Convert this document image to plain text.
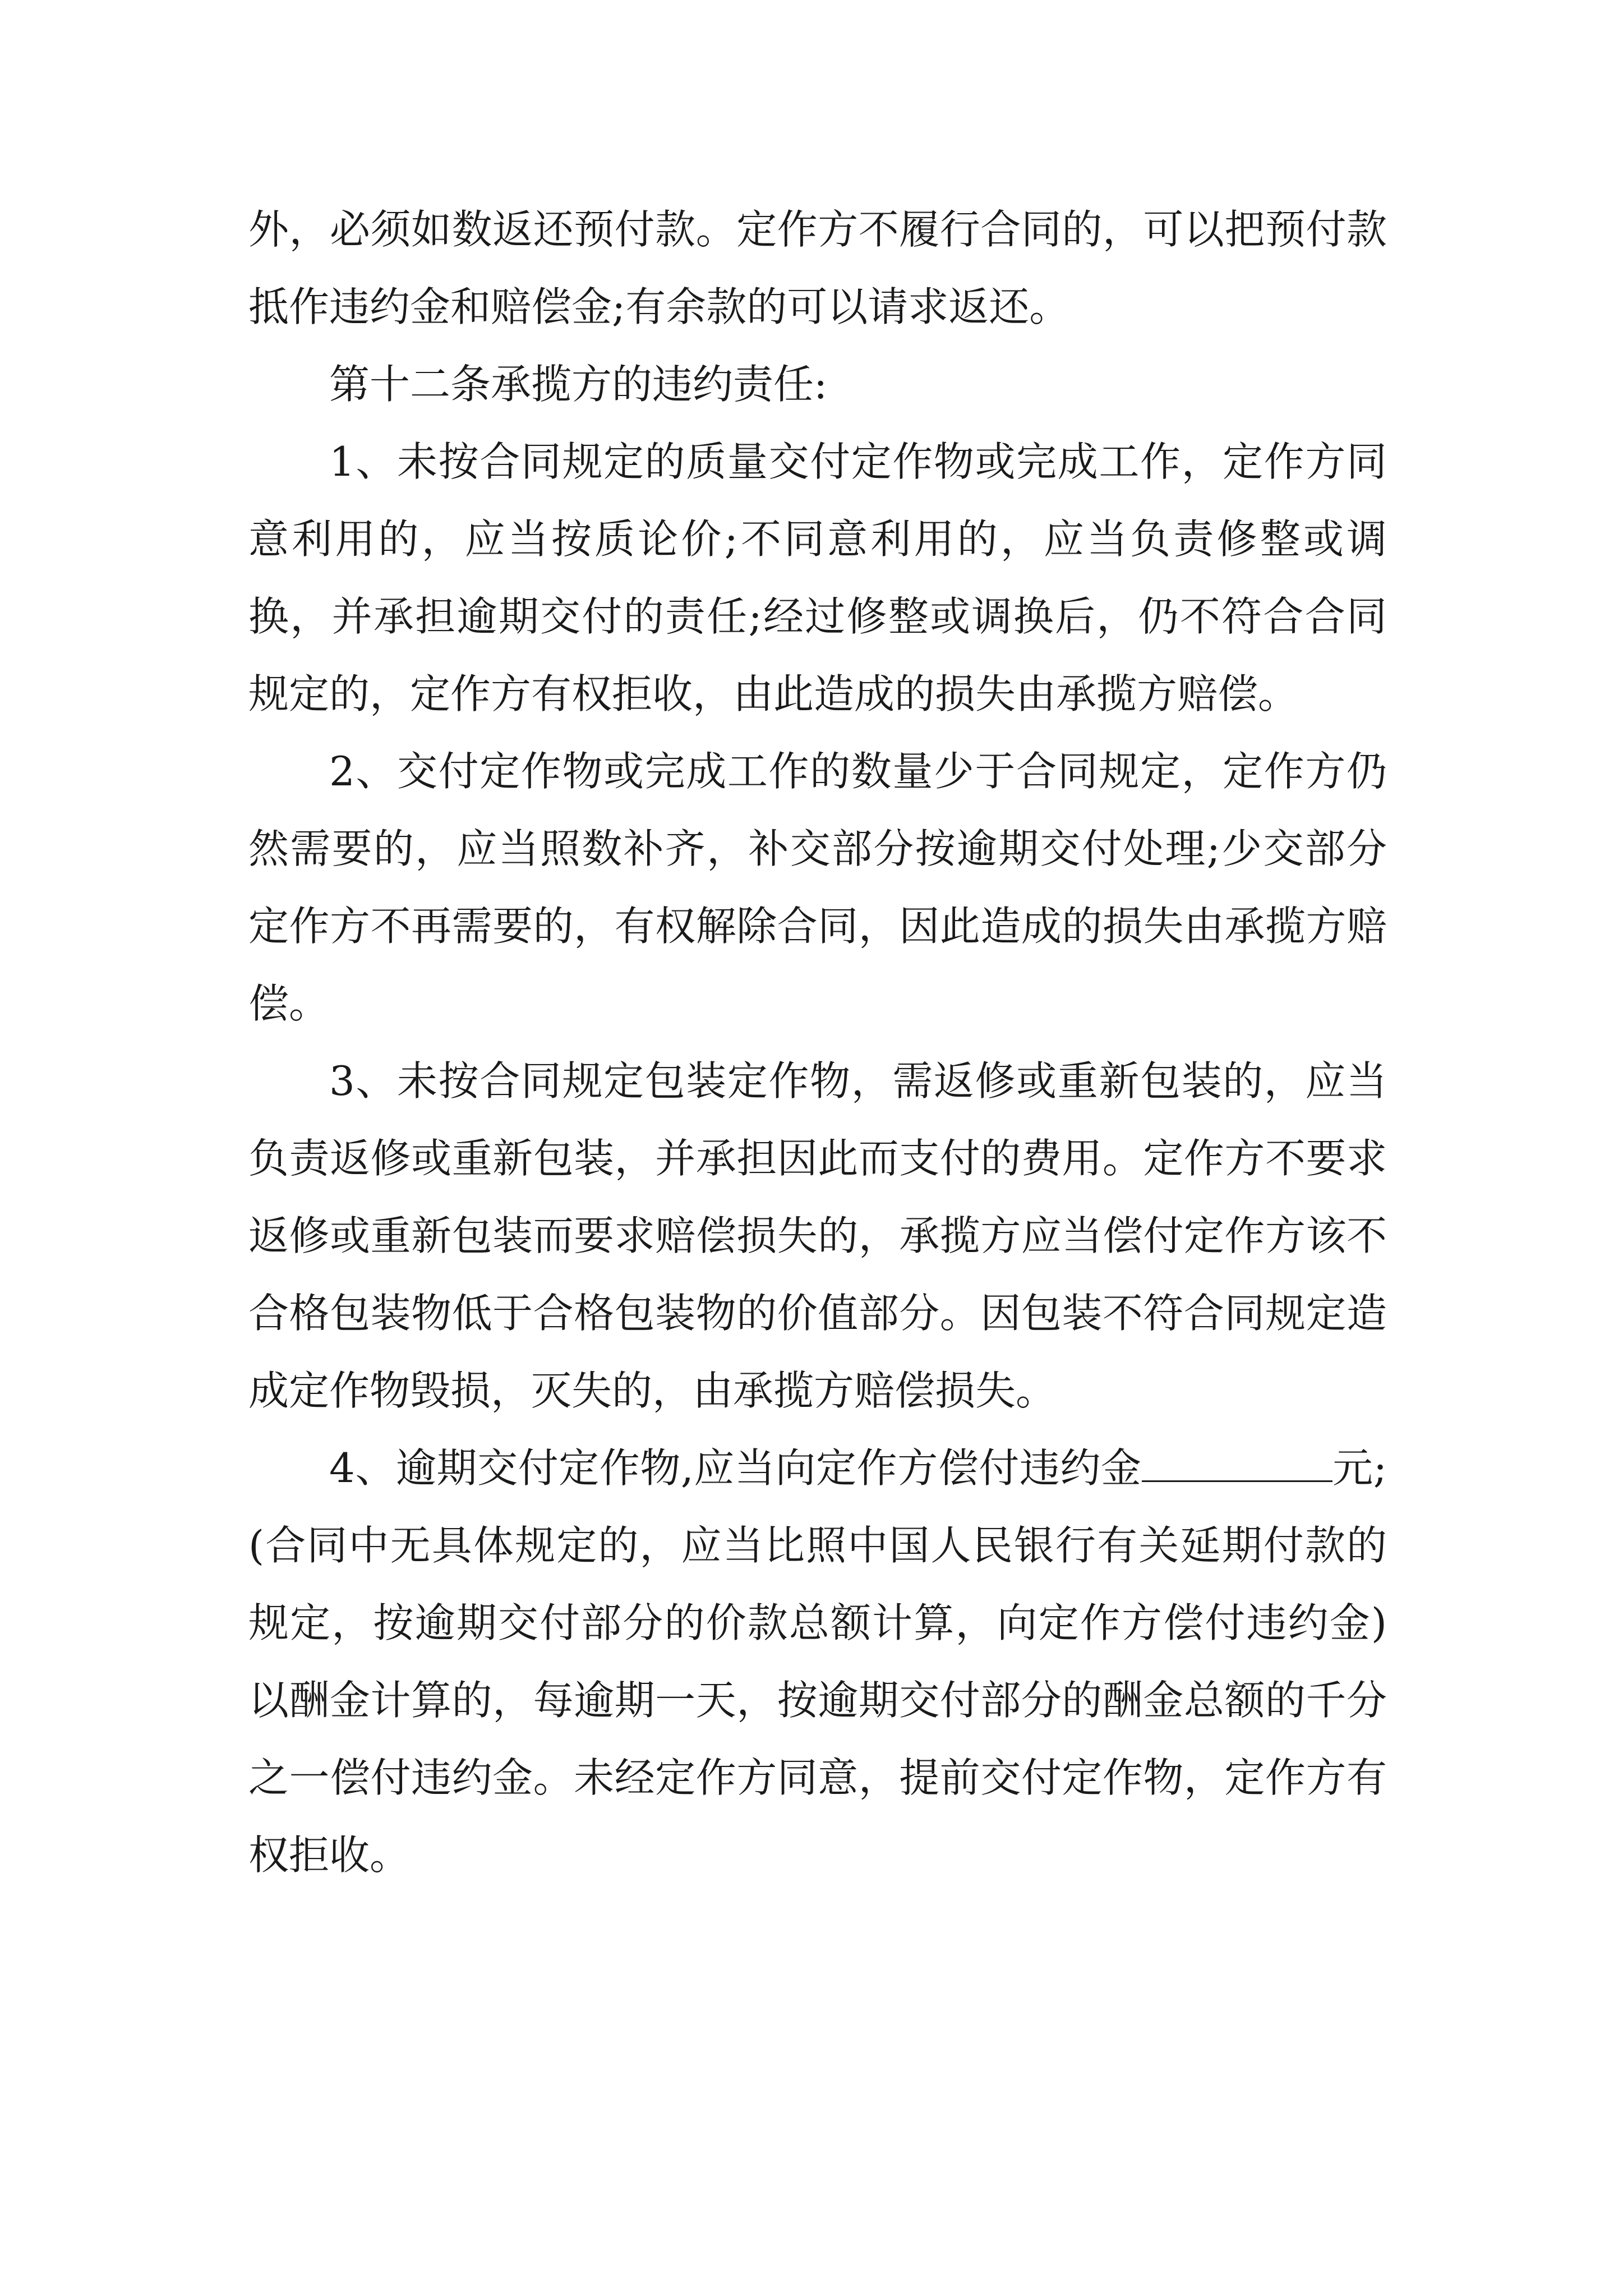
外，必须如数返还预付款。定作方不履行合同的，可以把预付款抵作违约金和赔偿金;有余款的可以请求返还。

第十二条承揽方的违约责任:

1、未按合同规定的质量交付定作物或完成工作，定作方同意利用的，应当按质论价;不同意利用的，应当负责修整或调换，并承担逾期交付的责任;经过修整或调换后，仍不符合合同规定的，定作方有权拒收，由此造成的损失由承揽方赔偿。

2、交付定作物或完成工作的数量少于合同规定，定作方仍然需要的，应当照数补齐，补交部分按逾期交付处理;少交部分定作方不再需要的，有权解除合同，因此造成的损失由承揽方赔偿。

3、未按合同规定包装定作物，需返修或重新包装的，应当负责返修或重新包装，并承担因此而支付的费用。定作方不要求返修或重新包装而要求赔偿损失的，承揽方应当偿付定作方该不合格包装物低于合格包装物的价值部分。因包装不符合同规定造成定作物毁损，灭失的，由承揽方赔偿损失。

4、逾期交付定作物,应当向定作方偿付违约金	元;(合同中无具体规定的，应当比照中国人民银行有关延期付款的规定，按逾期交付部分的价款总额计算，向定作方偿付违约金)以酬金计算的，每逾期一天，按逾期交付部分的酬金总额的千分之一偿付违约金。未经定作方同意，提前交付定作物，定作方有权拒收。
